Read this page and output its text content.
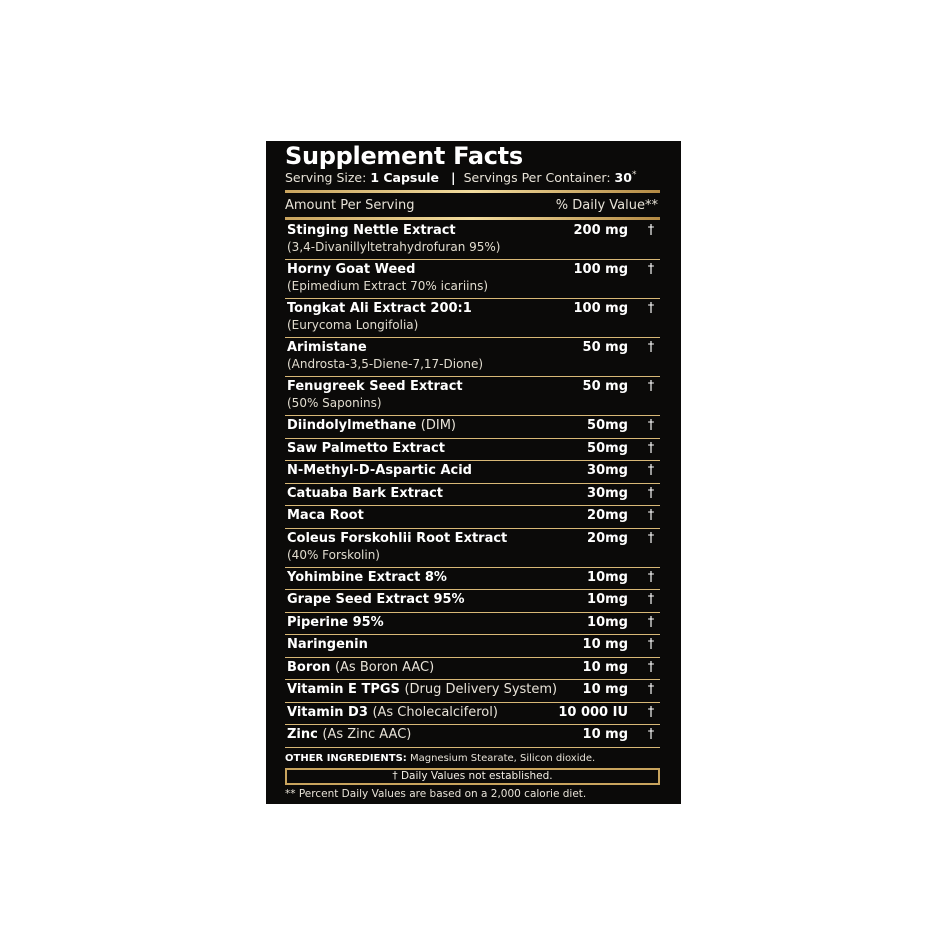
Supplement Facts
Serving Size: 1 Capsule | Servings Per Container: 30*
Amount Per Serving	% Daily Value**
Stinging Nettle Extract
(3,4-Divanillyltetrahydrofuran 95%)
200 mg	†
Horny Goat Weed
(Epimedium Extract 70% icariins)
100 mg	†
Tongkat Ali Extract 200:1
(Eurycoma Longifolia)
100 mg	†
Arimistane
(Androsta-3,5-Diene-7,17-Dione)
50 mg	†
Fenugreek Seed Extract
(50% Saponins)
50 mg	†
Diindolylmethane (DIM)	50mg	†
Saw Palmetto Extract	50mg	†
N-Methyl-D-Aspartic Acid	30mg	†
Catuaba Bark Extract	30mg	†
Maca Root	20mg	†
Coleus Forskohlii Root Extract
(40% Forskolin)
20mg	†
Yohimbine Extract 8%	10mg	†
Grape Seed Extract 95%	10mg	†
Piperine 95%	10mg	†
Naringenin	10 mg	†
Boron (As Boron AAC)	10 mg	†
Vitamin E TPGS (Drug Delivery System)	10 mg	†
Vitamin D3 (As Cholecalciferol)	10 000 IU	†
Zinc (As Zinc AAC)	10 mg	†
OTHER INGREDIENTS: Magnesium Stearate, Silicon dioxide.
† Daily Values not established.
** Percent Daily Values are based on a 2,000 calorie diet.
